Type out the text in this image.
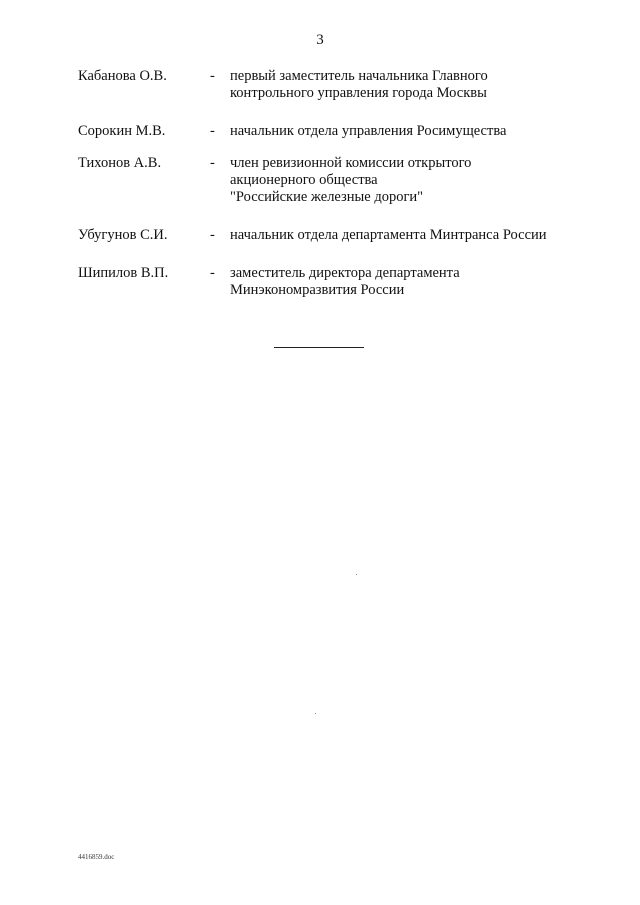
3
Кабанова О.В.	-	первый заместитель начальника Главного
контрольного управления города Москвы
Сорокин М.В.	-	начальник отдела управления Росимущества
Тихонов А.В.	-	член ревизионной комиссии открытого
акционерного общества
"Российские железные дороги"
Убугунов С.И.	-	начальник отдела департамента Минтранса России
Шипилов В.П.	-	заместитель директора департамента
Минэкономразвития России
4416859.doc
